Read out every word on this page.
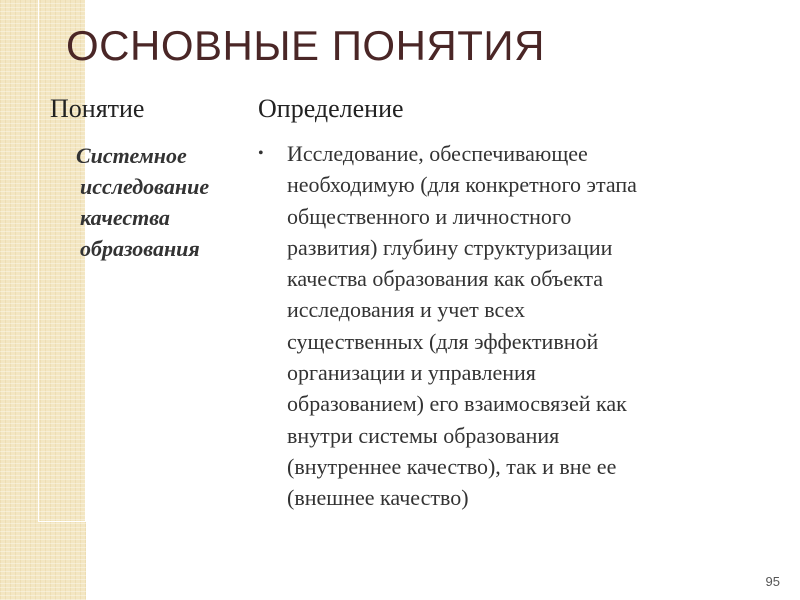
ОСНОВНЫЕ ПОНЯТИЯ
Понятие	Определение
Системное
исследование
качества
образования
•	Исследование, обеспечивающее
необходимую (для конкретного этапа
общественного и личностного
развития) глубину структуризации
качества образования как объекта
исследования и учет всех
существенных (для эффективной
организации и управления
образованием) его взаимосвязей как
внутри системы образования
(внутреннее качество), так и вне ее
(внешнее качество)
95
